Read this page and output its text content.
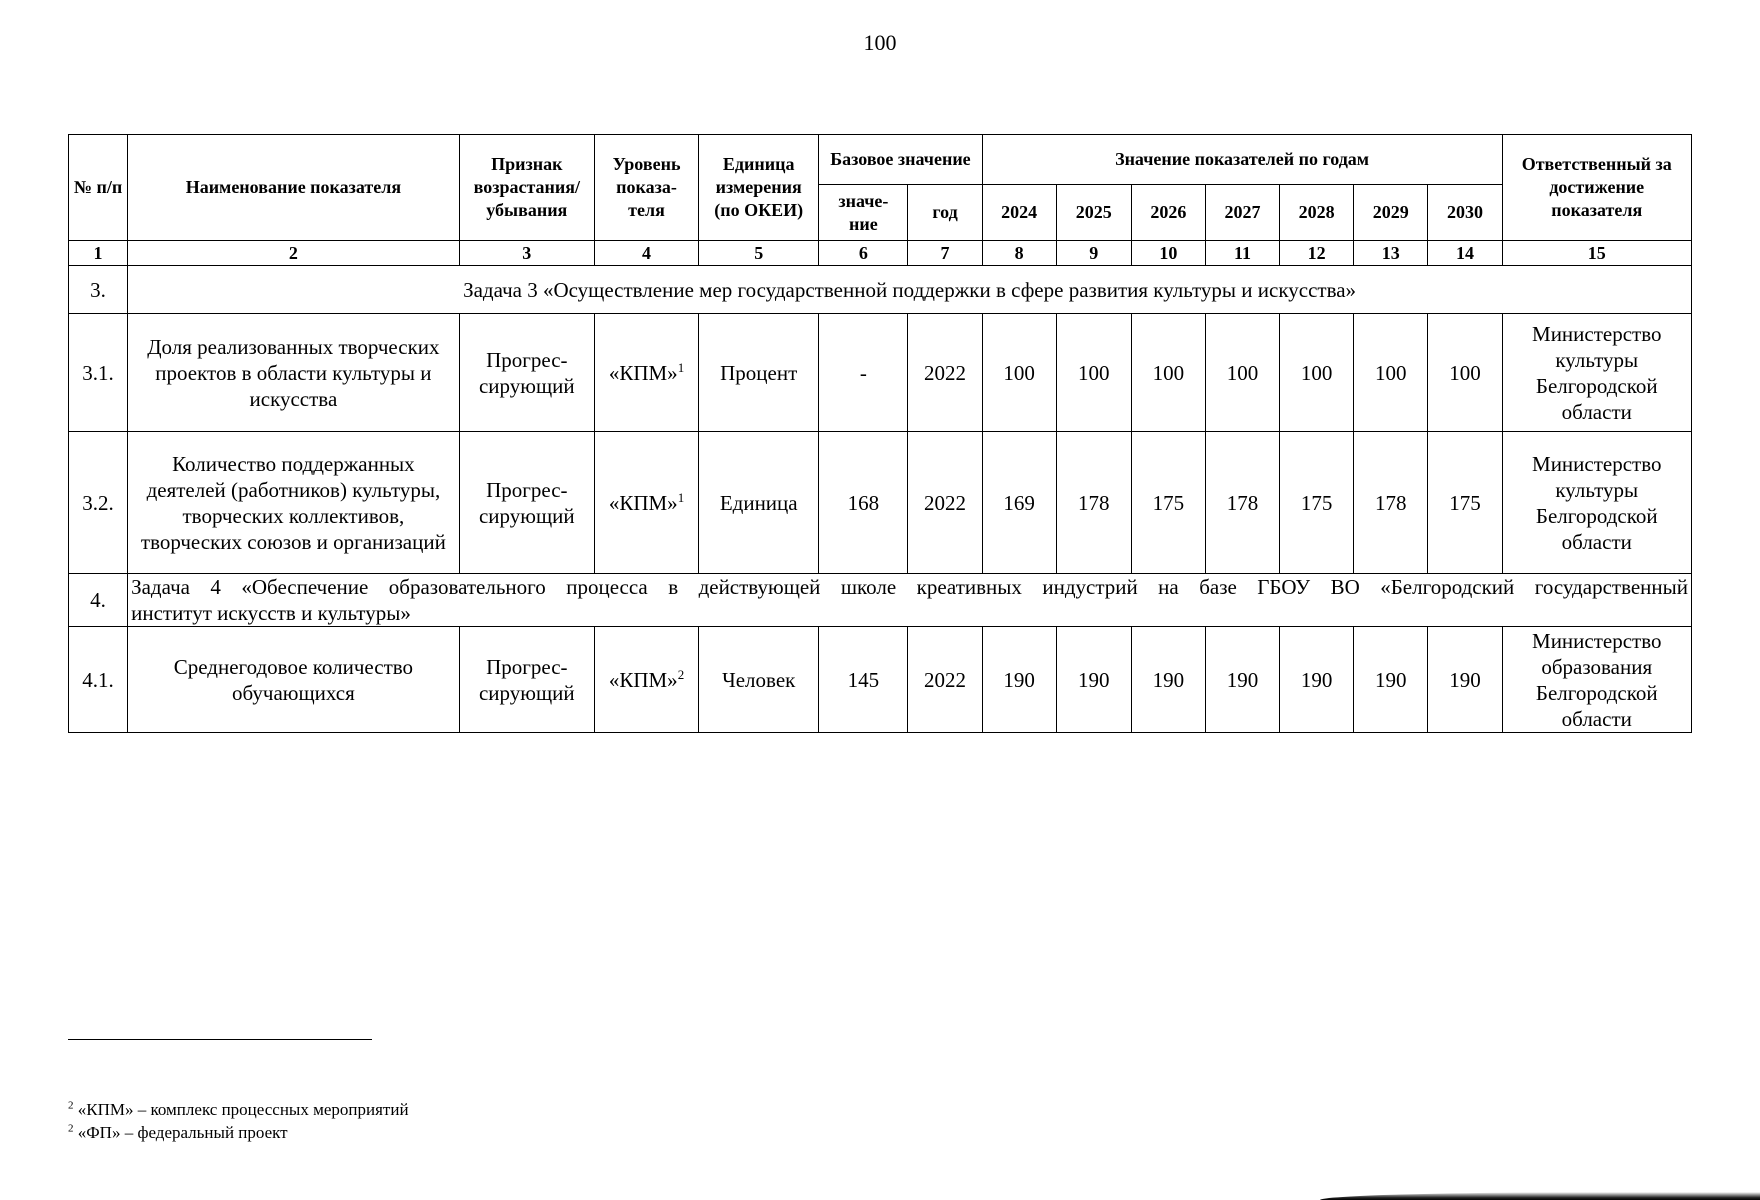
100
№ п/п	Наименование показателя	Признак возрастания/ убывания	Уровень показа- теля	Единица измерения (по ОКЕИ)	Базовое значение		Значение показателей по годам							Ответственный за достижение показателя
					значе- ние	год	2024	2025	2026	2027	2028	2029	2030	
1	2	3	4	5	6	7	8	9	10	11	12	13	14	15
3.	Задача 3 «Осуществление мер государственной поддержки в сфере развития культуры и искусства»													
3.1.	Доля реализованных творческих проектов в области культуры и искусства	Прогрес- сирующий	«КПМ»$^1$	Процент	-	2022	100	100	100	100	100	100	100	Министерство культуры Белгородской области
3.2.	Количество поддержанных деятелей (работников) культуры, творческих коллективов, творческих союзов и организаций	Прогрес- сирующий	«КПМ»$^1$	Единица	168	2022	169	178	175	178	175	178	175	Министерство культуры Белгородской области
4.	Задача 4 «Обеспечение образовательного процесса в действующей школе креативных индустрий на базе ГБОУ ВО «Белгородский государственный
институт искусств и культуры»													

4.1.	Среднегодовое количество обучающихся	Прогрес- сирующий	«КПМ»$^2$	Человек	145	2022	190	190	190	190	190	190	190	Министерство образования Белгородской области
$^2$ «КПМ» – комплекс процессных мероприятий
$^2$ «ФП» – федеральный проект
